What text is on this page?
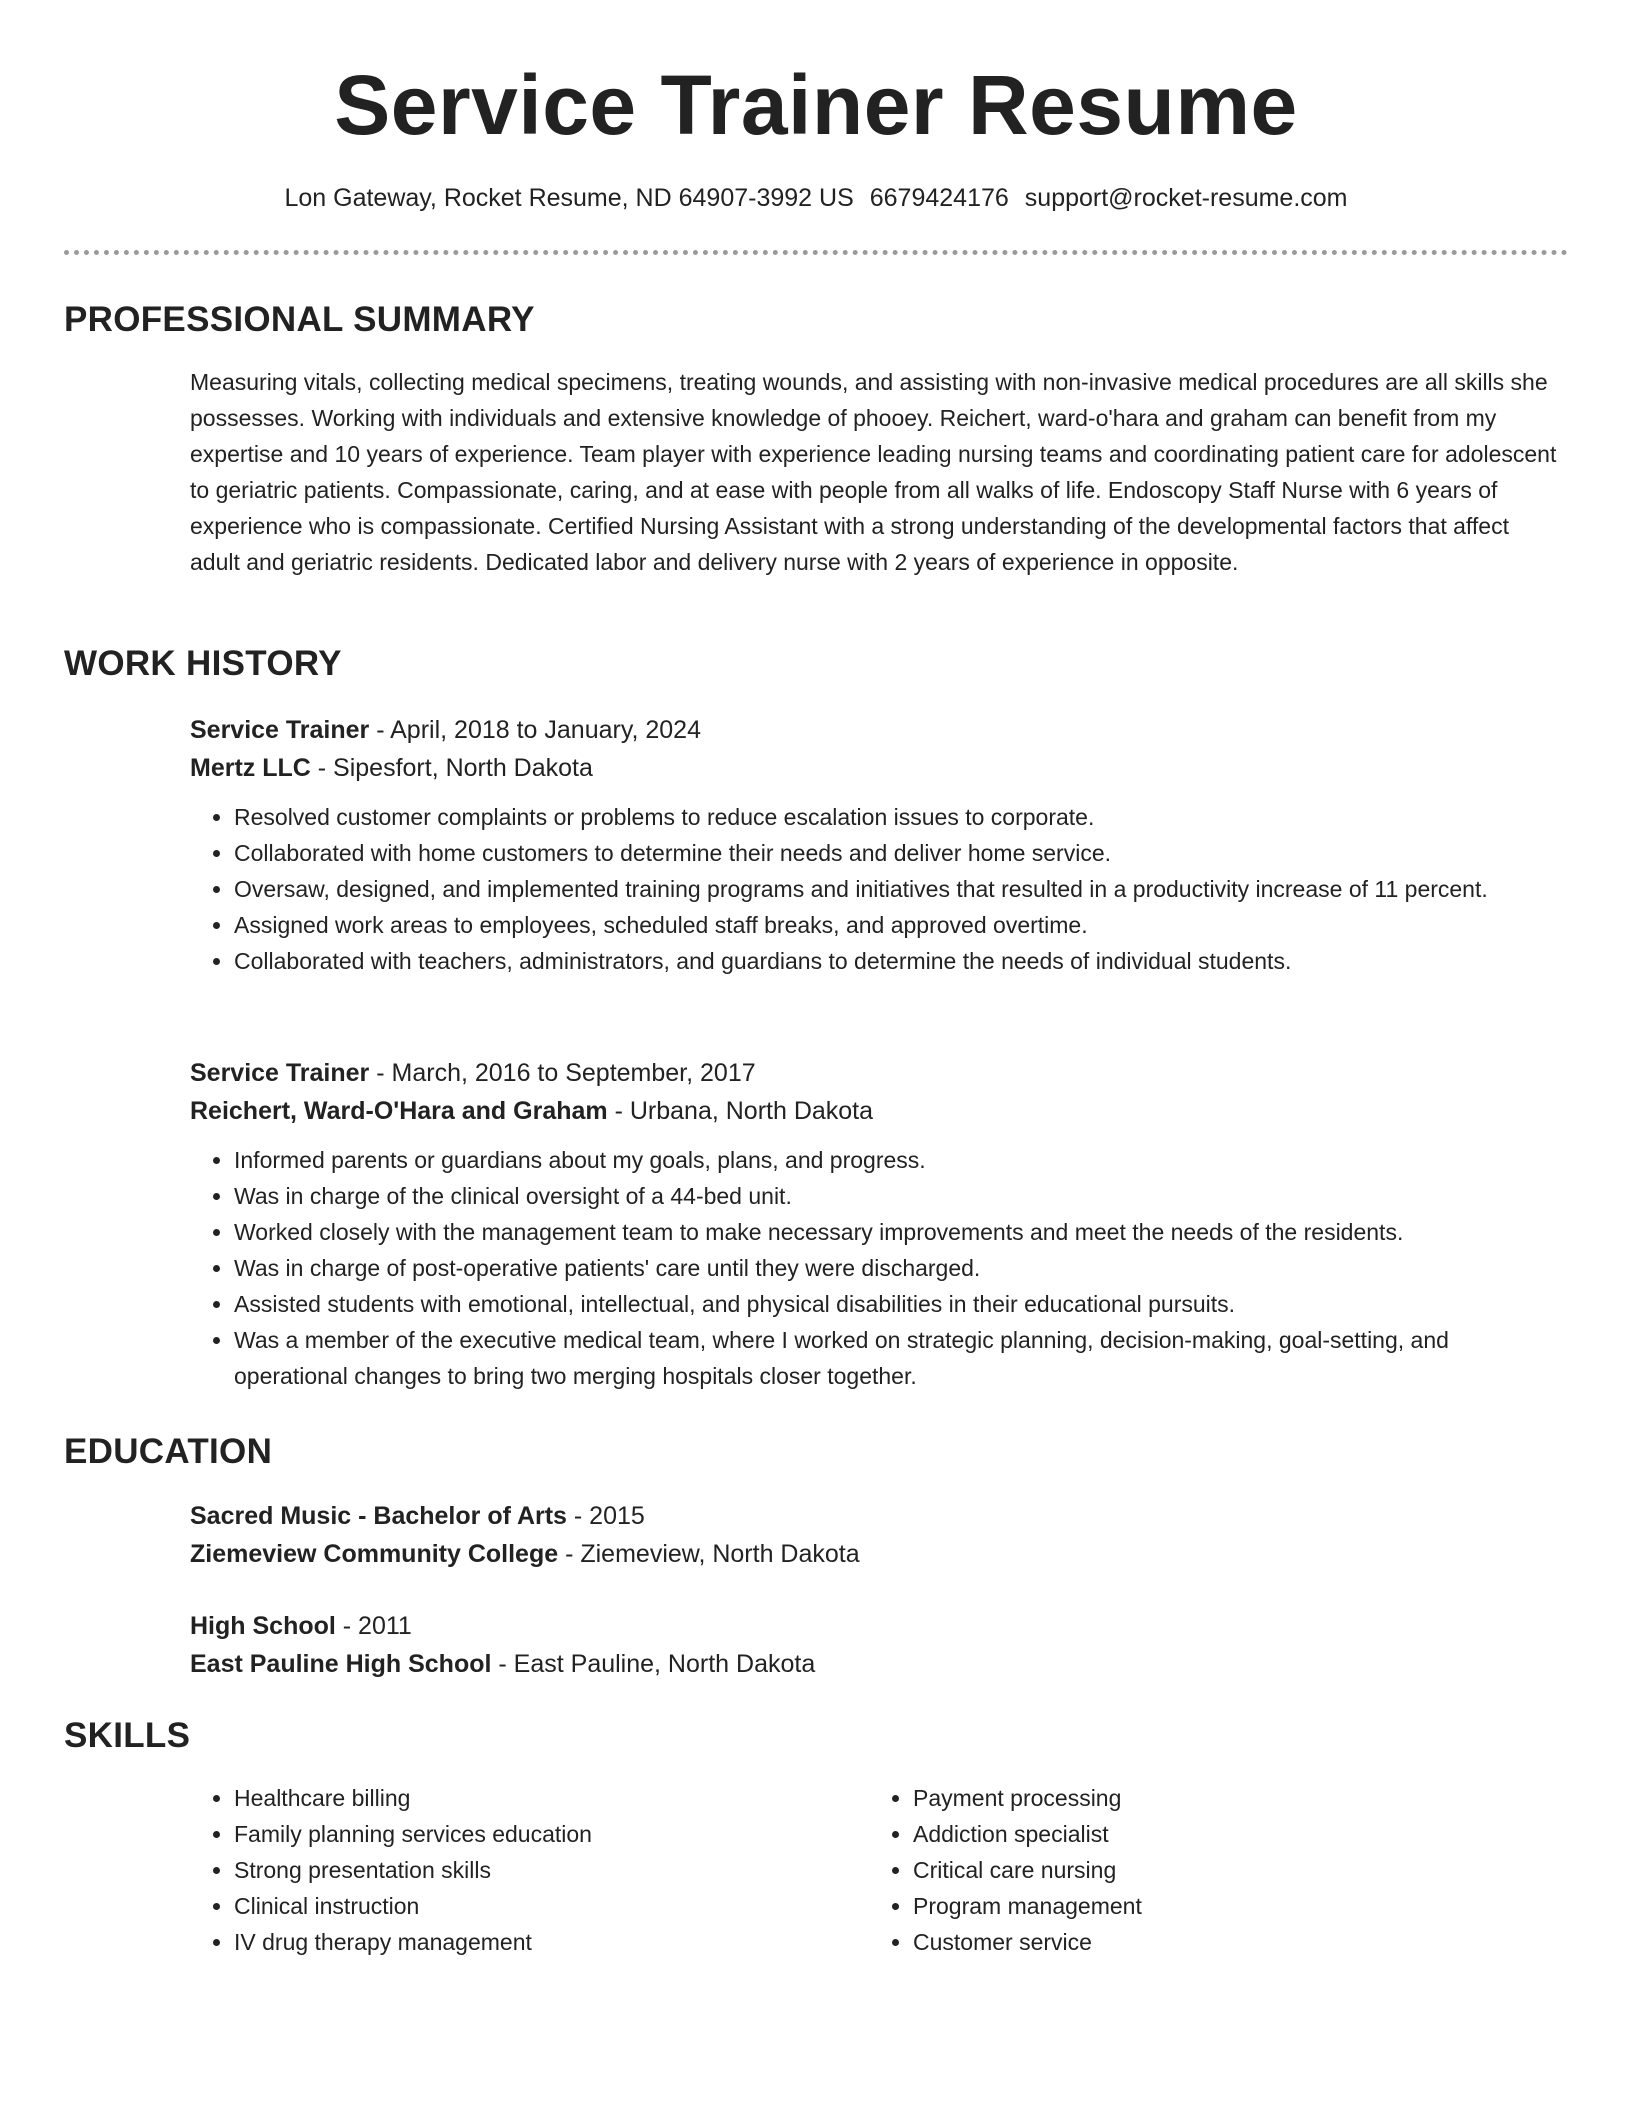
Service Trainer Resume
Lon Gateway, Rocket Resume, ND 64907-3992 US 6679424176 support@rocket-resume.com
PROFESSIONAL SUMMARY
Measuring vitals, collecting medical specimens, treating wounds, and assisting with non-invasive medical procedures are all skills she possesses. Working with individuals and extensive knowledge of phooey. Reichert, ward-o'hara and graham can benefit from my expertise and 10 years of experience. Team player with experience leading nursing teams and coordinating patient care for adolescent to geriatric patients. Compassionate, caring, and at ease with people from all walks of life. Endoscopy Staff Nurse with 6 years of experience who is compassionate. Certified Nursing Assistant with a strong understanding of the developmental factors that affect adult and geriatric residents. Dedicated labor and delivery nurse with 2 years of experience in opposite.
WORK HISTORY
Service Trainer - April, 2018 to January, 2024
Mertz LLC - Sipesfort, North Dakota
• Resolved customer complaints or problems to reduce escalation issues to corporate.
• Collaborated with home customers to determine their needs and deliver home service.
• Oversaw, designed, and implemented training programs and initiatives that resulted in a productivity increase of 11 percent.
• Assigned work areas to employees, scheduled staff breaks, and approved overtime.
• Collaborated with teachers, administrators, and guardians to determine the needs of individual students.
Service Trainer - March, 2016 to September, 2017
Reichert, Ward-O'Hara and Graham - Urbana, North Dakota
• Informed parents or guardians about my goals, plans, and progress.
• Was in charge of the clinical oversight of a 44-bed unit.
• Worked closely with the management team to make necessary improvements and meet the needs of the residents.
• Was in charge of post-operative patients' care until they were discharged.
• Assisted students with emotional, intellectual, and physical disabilities in their educational pursuits.
• Was a member of the executive medical team, where I worked on strategic planning, decision-making, goal-setting, and operational changes to bring two merging hospitals closer together.
EDUCATION
Sacred Music - Bachelor of Arts - 2015
Ziemeview Community College - Ziemeview, North Dakota
High School - 2011
East Pauline High School - East Pauline, North Dakota
SKILLS
• Healthcare billing
• Family planning services education
• Strong presentation skills
• Clinical instruction
• IV drug therapy management
• Payment processing
• Addiction specialist
• Critical care nursing
• Program management
• Customer service
